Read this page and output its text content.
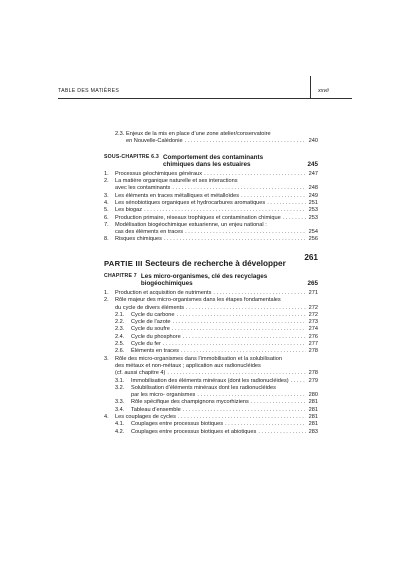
TABLE DES MATIÈRES	xxvii
2.3. Enjeux de la mis en place d’une zone atelier/conservatoire
en Nouvelle-Calédonie . . .	240
SOUS-CHAPITRE 6.3 Comportement des contaminants
chimiques dans les estuaires	245
1. Processus géochimiques généraux . . .	247
2. La matière organique naturelle et ses interactions
avec les contaminants . . .	248
3. Les éléments en traces métalliques et métalloïdes . . .	249
4. Les xénobiotiques organiques et hydrocarbures aromatiques . . .	251
5. Les biogaz . . .	253
6. Production primaire, réseaux trophiques et contamination chimique . . .	253
7. Modélisation biogéochimique estuarienne, un enjeu national :
cas des éléments en traces . . .	254
8. Risques chimiques . . .	256
PARTIE III Secteurs de recherche à développer
261
CHAPITRE 7 Les micro-organismes, clé des recyclages
biogéochimiques	265
1. Production et acquisition de nutriments . . .	271
2. Rôle majeur des micro-organismes dans les étapes fondamentales
du cycle de divers éléments . . .	272
2.1. Cycle du carbone . . .	272
2.2. Cycle de l’azote . . .	273
2.3. Cycle du soufre . . .	274
2.4. Cycle du phosphore . . .	276
2.5. Cycle du fer . . .	277
2.6. Éléments en traces . . .	278
3. Rôle des micro-organismes dans l’immobilisation et la solubilisation
des métaux et non-métaux ; application aux radionucléides
(cf. aussi chapitre 4) . . .	278
3.1. Immobilisation des éléments minéraux (dont les radionucléides) . . .	279
3.2. Solubilisation d’éléments minéraux dont les radionucléides
par les micro- organismes . . .	280
3.3. Rôle spécifique des champignons mycorhiziens . . .	281
3.4. Tableau d’ensemble . . .	281
4. Les couplages de cycles . . .	281
4.1. Couplages entre processus biotiques . . .	281
4.2. Couplages entre processus biotiques et abiotiques . . .	283
